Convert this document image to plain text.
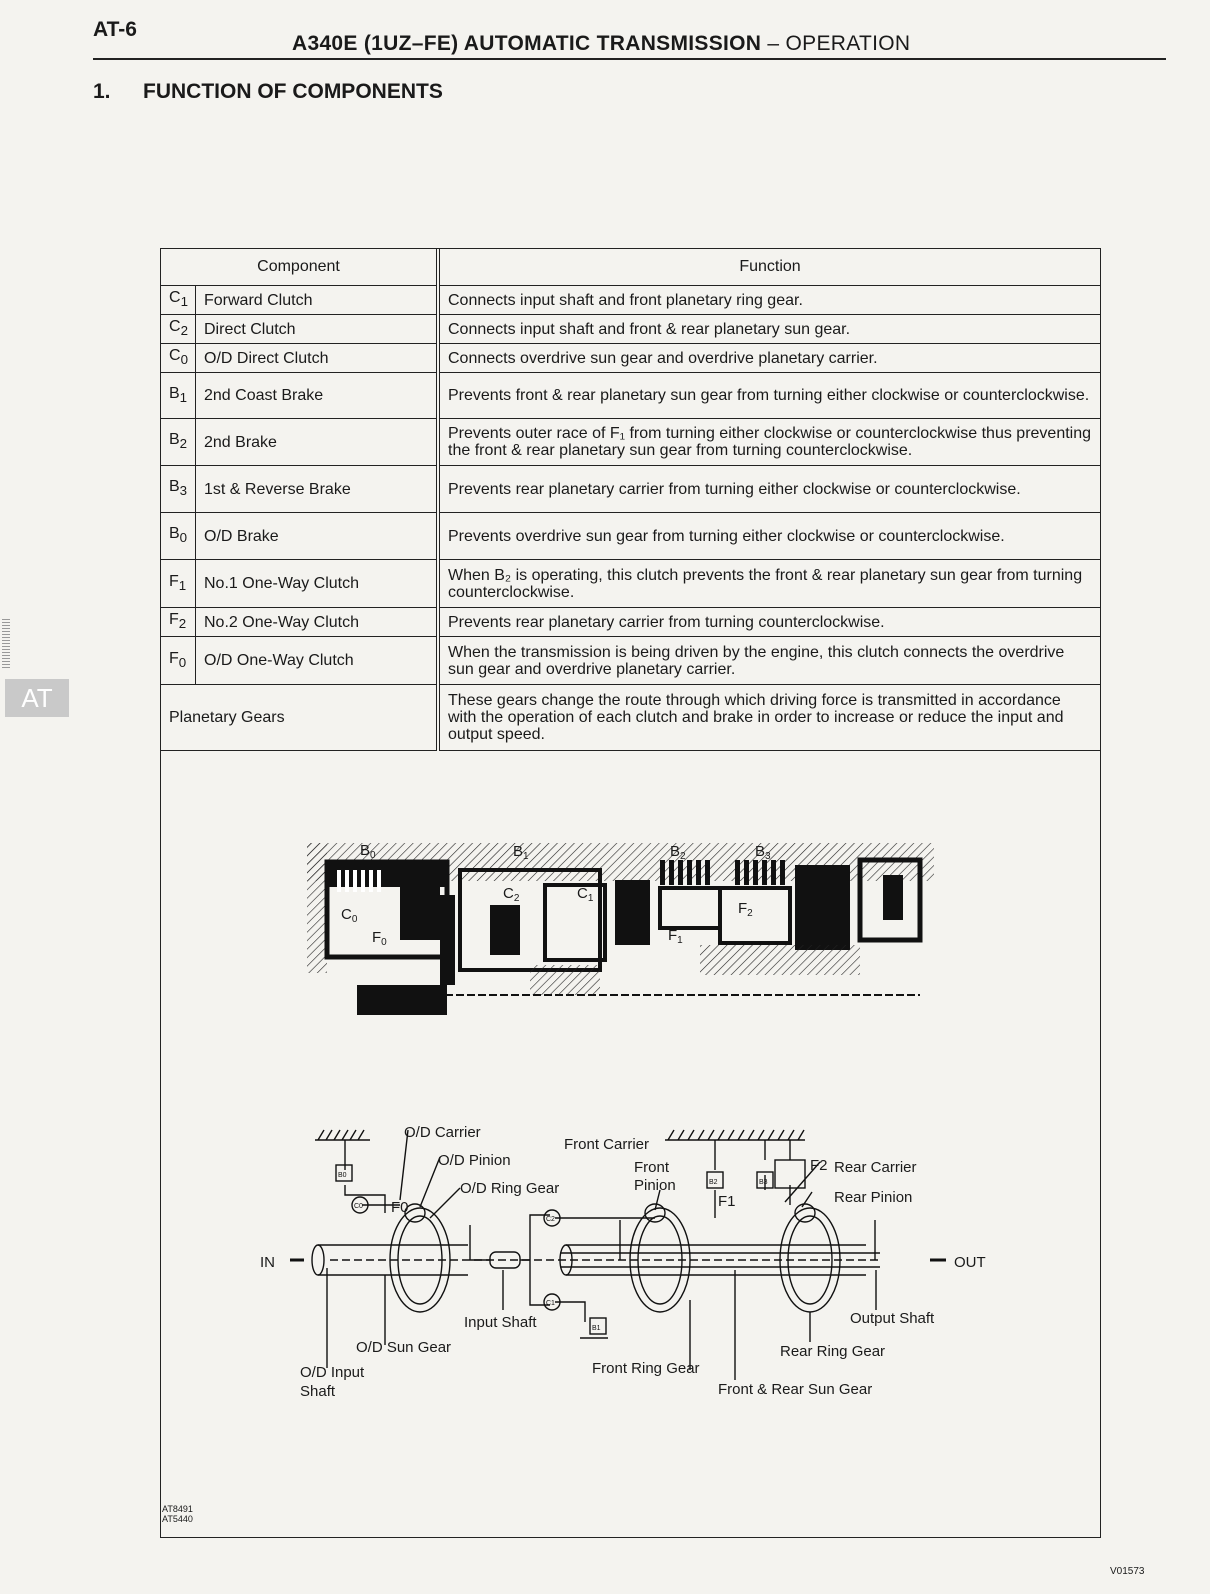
AT-6
A340E (1UZ–FE) AUTOMATIC TRANSMISSION – OPERATION
1. FUNCTION OF COMPONENTS
AT
Component		Function
$C_1$	Forward Clutch	Connects input shaft and front planetary ring gear.
$C_2$	Direct Clutch	Connects input shaft and front & rear planetary sun gear.
$C_0$	O/D Direct Clutch	Connects overdrive sun gear and overdrive planetary carrier.
$B_1$	2nd Coast Brake	Prevents front & rear planetary sun gear from turning either clockwise or counterclockwise.
$B_2$	2nd Brake	Prevents outer race of F₁ from turning either clockwise or counterclockwise thus preventing the front & rear planetary sun gear from turning counterclockwise.
$B_3$	1st & Reverse Brake	Prevents rear planetary carrier from turning either clockwise or counterclockwise.
$B_0$	O/D Brake	Prevents overdrive sun gear from turning either clockwise or counterclockwise.
$F_1$	No.1 One-Way Clutch	When B₂ is operating, this clutch prevents the front & rear planetary sun gear from turning counterclockwise.
$F_2$	No.2 One-Way Clutch	Prevents rear planetary carrier from turning counterclockwise.
$F_0$	O/D One-Way Clutch	When the transmission is being driven by the engine, this clutch connects the overdrive sun gear and overdrive planetary carrier.
Planetary Gears		These gears change the route through which driving force is transmitted in accordance with the operation of each clutch and brake in order to increase or reduce the input and output speed.
$B_0$	$B_1$	$B_2$	$B_3$
$C_2$	$C_1$
$C_0$
$F_0$	$F_1$
$F_2$
O/D Carrier
O/D Pinion
O/D Ring Gear
Front Carrier
Front
Pinion
Rear Carrier
Rear Pinion
IN	OUT
Input Shaft	Output Shaft
O/D Sun Gear
O/D Input
Shaft
Front Ring Gear
Rear Ring Gear
Front & Rear Sun Gear
B0
C0
C2
C1
B1
B2	B3
F0	F1
F2
AT8491
AT5440
V01573
